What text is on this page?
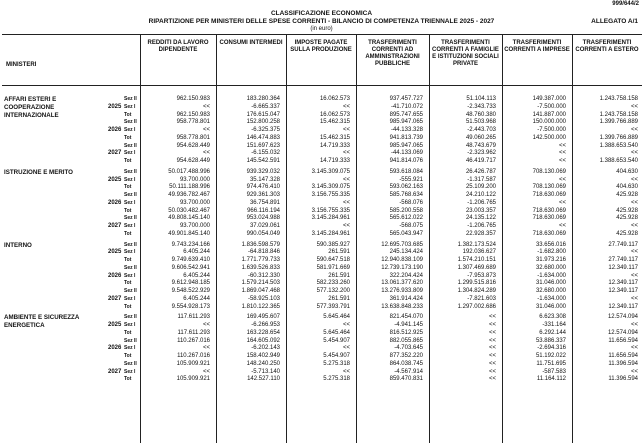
999/644/2
CLASSIFICAZIONE ECONOMICA
RIPARTIZIONE PER MINISTERI DELLE SPESE CORRENTI - BILANCIO DI COMPETENZA TRIENNALE 2025 - 2027
(in euro)
ALLEGATO A/1
MINISTERI
REDDITI DA LAVORO DIPENDENTE
CONSUMI INTERMEDI	IMPOSTE PAGATE SULLA PRODUZIONE
TRASFERIMENTI CORRENTI AD AMMINISTRAZIONI PUBBLICHE
TRASFERIMENTI CORRENTI A FAMIGLIE E ISTITUZIONI SOCIALI PRIVATE
TRASFERIMENTI CORRENTI A IMPRESE
TRASFERIMENTI CORRENTI A ESTERO
AFFARI ESTERI E	Sez II	962.150.983	183.280.364	16.062.573	937.457.727	51.104.113	149.387.000	1.243.758.158
COOPERAZIONE	2025 Sez I	<<	-6.665.337	<<	-41.710.072	-2.343.733	-7.500.000	<<
INTERNAZIONALE	Tot	962.150.983	176.615.047	16.062.573	895.747.655	48.760.380	141.887.000	1.243.758.158
Sez II	958.778.801	152.800.258	15.462.315	985.947.065	51.503.968	150.000.000	1.399.766.889
2026 Sez I	<<	-6.325.375	<<	-44.133.328	-2.443.703	-7.500.000	<<
Tot	958.778.801	146.474.883	15.462.315	941.813.739	49.060.265	142.500.000	1.399.766.889
Sez II	954.628.449	151.697.623	14.719.333	985.947.065	48.743.679	<<	1.388.653.540
2027 Sez I	<<	-6.155.032	<<	-44.133.069	-2.323.962	<<	<<
Tot	954.628.449	145.542.591	14.719.333	941.814.076	46.419.717	<<	1.388.653.540
ISTRUZIONE E MERITO	Sez II	50.017.488.996	939.329.032	3.145.309.075	593.618.084	26.426.787	708.130.069	404.630
2025 Sez I	93.700.000	35.147.328	<<	-555.921	-1.317.587	<<	<<
Tot	50.111.188.996	974.476.410	3.145.309.075	593.062.163	25.109.200	708.130.069	404.630
Sez II	49.936.782.467	929.361.303	3.156.755.335	585.768.634	24.210.122	718.630.069	425.928
2026 Sez I	93.700.000	36.754.891	<<	-568.076	-1.206.765	<<	<<
Tot	50.030.482.467	966.116.194	3.156.755.335	585.200.558	23.003.357	718.630.069	425.928
Sez II	49.808.145.140	953.024.988	3.145.284.961	565.612.022	24.135.122	718.630.069	425.928
2027 Sez I	93.700.000	37.029.061	<<	-568.075	-1.206.765	<<	<<
Tot	49.901.845.140	990.054.049	3.145.284.961	565.043.947	22.928.357	718.630.069	425.928
INTERNO	Sez II	9.743.234.166	1.836.598.579	590.385.927	12.695.703.685	1.382.173.524	33.656.016	27.749.117
2025 Sez I	6.405.244	-64.818.846	261.591	245.134.424	192.036.627	-1.682.800	<<
Tot	9.749.639.410	1.771.779.733	590.647.518	12.940.838.109	1.574.210.151	31.973.216	27.749.117
Sez II	9.606.542.941	1.639.526.833	581.971.669	12.739.173.190	1.307.469.689	32.680.000	12.349.117
2026 Sez I	6.405.244	-60.312.330	261.591	322.204.424	-7.953.873	-1.634.000	<<
Tot	9.612.948.185	1.579.214.503	582.233.260	13.061.377.620	1.299.515.816	31.046.000	12.349.117
Sez II	9.548.522.929	1.869.047.468	577.132.200	13.276.933.809	1.304.824.289	32.680.000	12.349.117
2027 Sez I	6.405.244	-58.925.103	261.591	361.914.424	-7.821.603	-1.634.000	<<
Tot	9.554.928.173	1.810.122.365	577.393.791	13.638.848.233	1.297.002.686	31.046.000	12.349.117
AMBIENTE E SICUREZZA	Sez II	117.611.293	169.495.607	5.645.464	821.454.070	<<	6.623.308	12.574.094
ENERGETICA	2025 Sez I	<<	-6.266.953	<<	-4.941.145	<<	-331.164	<<
Tot	117.611.293	163.228.654	5.645.464	816.512.925	<<	6.292.144	12.574.094
Sez II	110.267.016	164.605.092	5.454.907	882.055.865	<<	53.886.337	11.656.594
2026 Sez I	<<	-6.202.143	<<	-4.703.645	<<	-2.694.316	<<
Tot	110.267.016	158.402.949	5.454.907	877.352.220	<<	51.192.022	11.656.594
Sez II	105.909.921	148.240.250	5.275.318	864.038.745	<<	11.751.695	11.396.594
2027 Sez I	<<	-5.713.140	<<	-4.567.914	<<	-587.583	<<
Tot	105.909.921	142.527.110	5.275.318	859.470.831	<<	11.164.112	11.396.594
